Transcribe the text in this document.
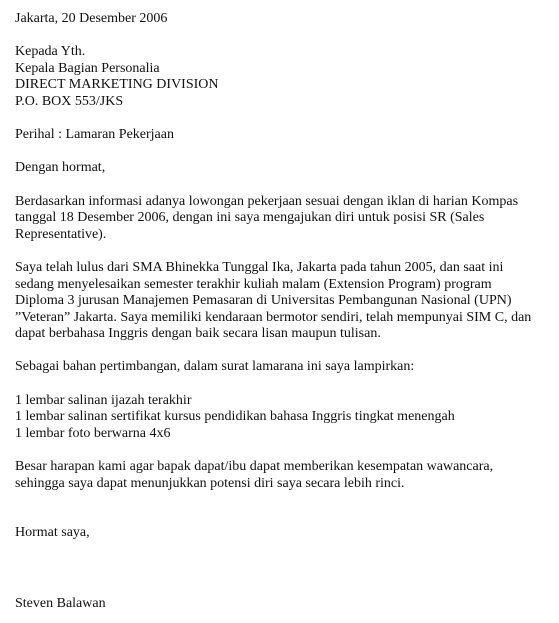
Jakarta, 20 Desember 2006
Kepada Yth.
Kepala Bagian Personalia
DIRECT MARKETING DIVISION
P.O. BOX 553/JKS
Perihal : Lamaran Pekerjaan
Dengan hormat,
Berdasarkan informasi adanya lowongan pekerjaan sesuai dengan iklan di harian Kompas
tanggal 18 Desember 2006, dengan ini saya mengajukan diri untuk posisi SR (Sales
Representative).
Saya telah lulus dari SMA Bhinekka Tunggal Ika, Jakarta pada tahun 2005, dan saat ini
sedang menyelesaikan semester terakhir kuliah malam (Extension Program) program
Diploma 3 jurusan Manajemen Pemasaran di Universitas Pembangunan Nasional (UPN)
”Veteran” Jakarta. Saya memiliki kendaraan bermotor sendiri, telah mempunyai SIM C, dan
dapat berbahasa Inggris dengan baik secara lisan maupun tulisan.
Sebagai bahan pertimbangan, dalam surat lamarana ini saya lampirkan:
1 lembar salinan ijazah terakhir
1 lembar salinan sertifikat kursus pendidikan bahasa Inggris tingkat menengah
1 lembar foto berwarna 4x6
Besar harapan kami agar bapak dapat/ibu dapat memberikan kesempatan wawancara,
sehingga saya dapat menunjukkan potensi diri saya secara lebih rinci.
Hormat saya,
Steven Balawan
